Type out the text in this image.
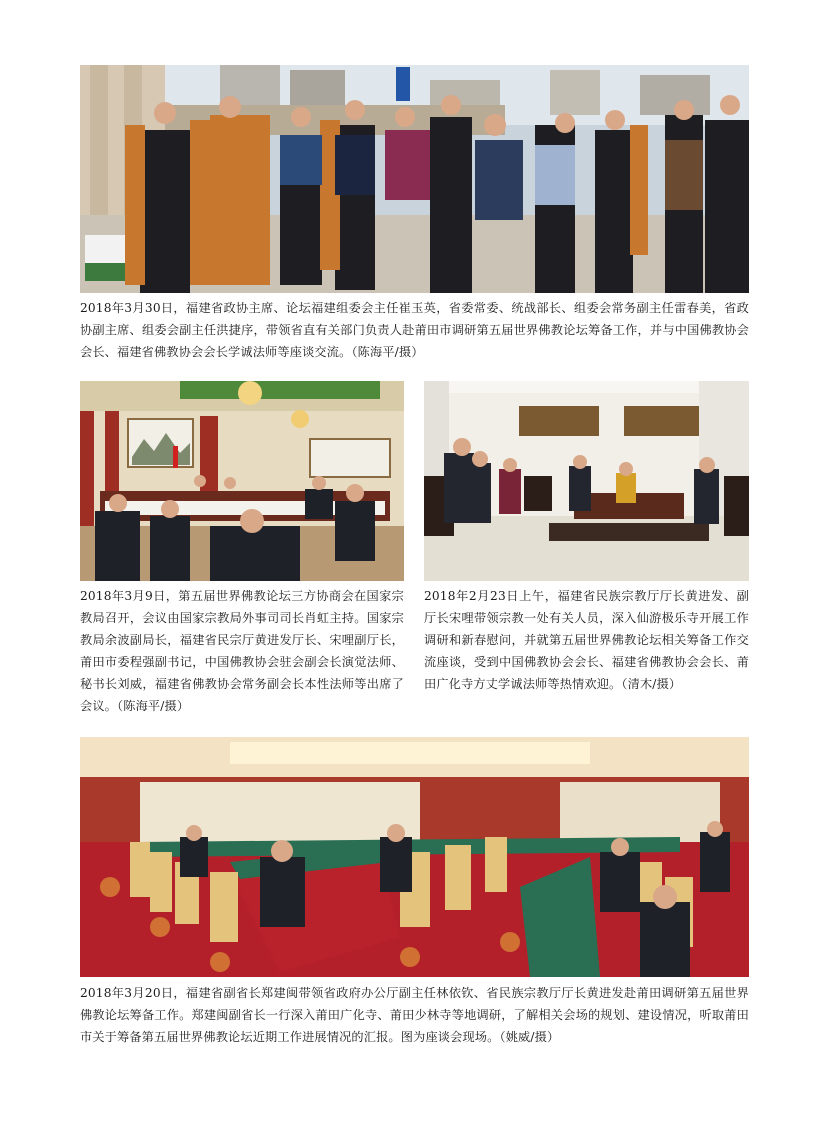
2018年3月30日，福建省政协主席、论坛福建组委会主任崔玉英，省委常委、统战部长、组委会常务副主任雷春美，省政协副主席、组委会副主任洪捷序，带领省直有关部门负责人赴莆田市调研第五届世界佛教论坛筹备工作，并与中国佛教协会会长、福建省佛教协会会长学诚法师等座谈交流。（陈海平/摄）

2018年3月9日，第五届世界佛教论坛三方协商会在国家宗教局召开，会议由国家宗教局外事司司长肖虹主持。国家宗教局余波副局长，福建省民宗厅黄进发厅长、宋哩副厅长，莆田市委程强副书记，中国佛教协会驻会副会长演觉法师、秘书长刘威，福建省佛教协会常务副会长本性法师等出席了会议。（陈海平/摄）

2018年2月23日上午，福建省民族宗教厅厅长黄进发、副厅长宋哩带领宗教一处有关人员，深入仙游极乐寺开展工作调研和新春慰问，并就第五届世界佛教论坛相关筹备工作交流座谈，受到中国佛教协会会长、福建省佛教协会会长、莆田广化寺方丈学诚法师等热情欢迎。（清木/摄）

2018年3月20日，福建省副省长郑建闽带领省政府办公厅副主任林依钦、省民族宗教厅厅长黄进发赴莆田调研第五届世界佛教论坛筹备工作。郑建闽副省长一行深入莆田广化寺、莆田少林寺等地调研，了解相关会场的规划、建设情况，听取莆田市关于筹备第五届世界佛教论坛近期工作进展情况的汇报。图为座谈会现场。（姚威/摄）
